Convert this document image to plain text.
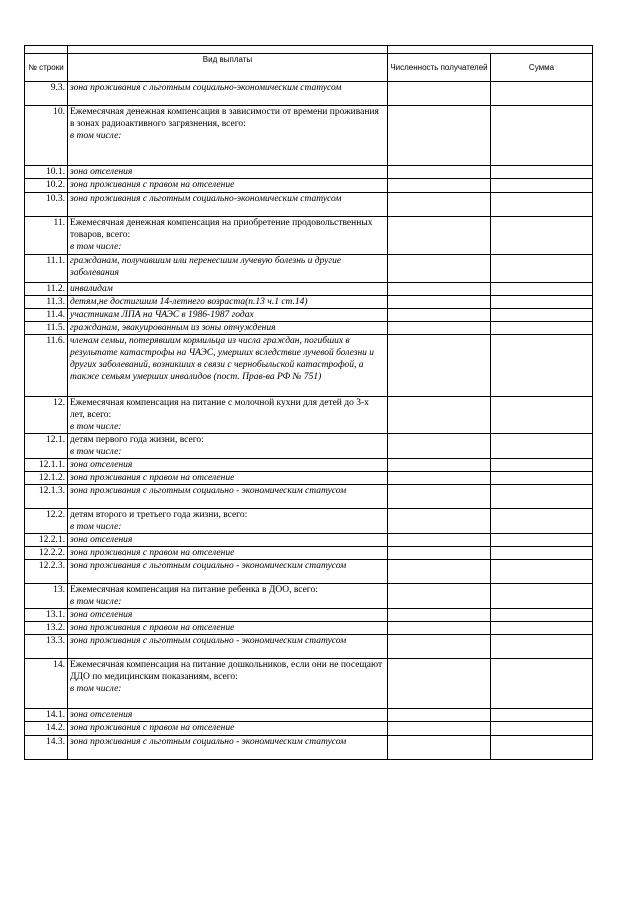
№ строки	Вид выплаты	Численность получателей	Сумма
9.3.	зона проживания с льготным социально-экономическим статусом		

10.	Ежемесячная денежная компенсация в зависимости от времени проживания в зонах радиоактивного загрязнения, всего:
в том числе:		

10.1.	зона отселения		

10.2.	зона проживания с правом на отселение		

10.3.	зона проживания с льготным социально-экономическим статусом		

11.	Ежемесячная денежная компенсация на приобретение продовольственных товаров, всего:
в том числе:		

11.1.	гражданам, получившим или перенесшим лучевую болезнь и другие заболевания		

11.2.	инвалидам		

11.3.	детям,не достигшим 14-летнего возраста(п.13 ч.1 ст.14)		

11.4.	участникам ЛПА на ЧАЭС в 1986-1987 годах		

11.5.	гражданам, эвакуированным из зоны отчуждения		

11.6.	членам семьи, потерявшим кормильца из числа граждан, погибших в результате катастрофы на ЧАЭС, умерших вследствие лучевой болезни и других заболеваний, возникших в связи с чернобыльской катастрофой, а также семьям умерших инвалидов (пост. Прав-ва РФ № 751)		

12.	Ежемесячная компенсация на питание с молочной кухни для детей до 3-х лет, всего:
в том числе:		

12.1.	детям первого года жизни, всего:
в том числе:		

12.1.1.	зона отселения		

12.1.2.	зона проживания с правом на отселение		

12.1.3.	зона проживания с льготным социально - экономическим статусом		

12.2.	детям второго и третьего года жизни, всего:
в том числе:		

12.2.1.	зона отселения		

12.2.2.	зона проживания с правом на отселение		

12.2.3.	зона проживания с льготным социально - экономическим статусом		

13.	Ежемесячная компенсация на питание ребенка в ДОО, всего:
в том числе:		

13.1.	зона отселения		

13.2.	зона проживания с правом на отселение		

13.3.	зона проживания с льготным социально - экономическим статусом		

14.	Ежемесячная компенсация на питание дошкольников, если они не посещают ДДО по медицинским показаниям, всего:
в том числе:		

14.1.	зона отселения		

14.2.	зона проживания с правом на отселение		

14.3.	зона проживания с льготным социально - экономическим статусом		
